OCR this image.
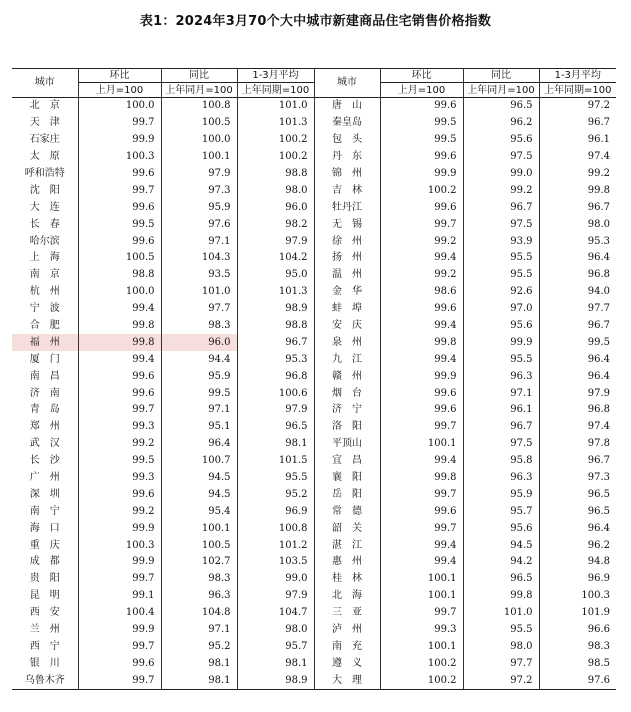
表1：2024年3月70个大中城市新建商品住宅销售价格指数
城市	环比	同比	1-3月平均	城市	环比	同比	1-3月平均
	上月=100	上年同月=100	上年同期=100		上月=100	上年同月=100	上年同期=100
北　京	100.0	100.8	101.0	唐　山	99.6	96.5	97.2
天　津	99.7	100.5	101.3	秦皇岛	99.5	96.2	96.7
石家庄	99.9	100.0	100.2	包　头	99.5	95.6	96.1
太　原	100.3	100.1	100.2	丹　东	99.6	97.5	97.4
呼和浩特	99.6	97.9	98.8	锦　州	99.9	99.0	99.2
沈　阳	99.7	97.3	98.0	吉　林	100.2	99.2	99.8
大　连	99.6	95.9	96.0	牡丹江	99.6	96.7	96.7
长　春	99.5	97.6	98.2	无　锡	99.7	97.5	98.0
哈尔滨	99.6	97.1	97.9	徐　州	99.2	93.9	95.3
上　海	100.5	104.3	104.2	扬　州	99.4	95.5	96.4
南　京	98.8	93.5	95.0	温　州	99.2	95.5	96.8
杭　州	100.0	101.0	101.3	金　华	98.6	92.6	94.0
宁　波	99.4	97.7	98.9	蚌　埠	99.6	97.0	97.7
合　肥	99.8	98.3	98.8	安　庆	99.4	95.6	96.7
福　州	99.8	96.0	96.7	泉　州	99.8	99.9	99.5
厦　门	99.4	94.4	95.3	九　江	99.4	95.5	96.4
南　昌	99.6	95.9	96.8	赣　州	99.9	96.3	96.4
济　南	99.6	99.5	100.6	烟　台	99.6	97.1	97.9
青　岛	99.7	97.1	97.9	济　宁	99.6	96.1	96.8
郑　州	99.3	95.1	96.5	洛　阳	99.7	96.7	97.4
武　汉	99.2	96.4	98.1	平顶山	100.1	97.5	97.8
长　沙	99.5	100.7	101.5	宜　昌	99.4	95.8	96.7
广　州	99.3	94.5	95.5	襄　阳	99.8	96.3	97.3
深　圳	99.6	94.5	95.2	岳　阳	99.7	95.9	96.5
南　宁	99.2	95.4	96.9	常　德	99.6	95.7	96.5
海　口	99.9	100.1	100.8	韶　关	99.7	95.6	96.4
重　庆	100.3	100.5	101.2	湛　江	99.4	94.5	96.2
成　都	99.9	102.7	103.5	惠　州	99.4	94.2	94.8
贵　阳	99.7	98.3	99.0	桂　林	100.1	96.5	96.9
昆　明	99.1	96.3	97.9	北　海	100.1	99.8	100.3
西　安	100.4	104.8	104.7	三　亚	99.7	101.0	101.9
兰　州	99.9	97.1	98.0	泸　州	99.3	95.5	96.6
西　宁	99.7	95.2	95.7	南　充	100.1	98.0	98.3
银　川	99.6	98.1	98.1	遵　义	100.2	97.7	98.5
乌鲁木齐	99.7	98.1	98.9	大　理	100.2	97.2	97.6
